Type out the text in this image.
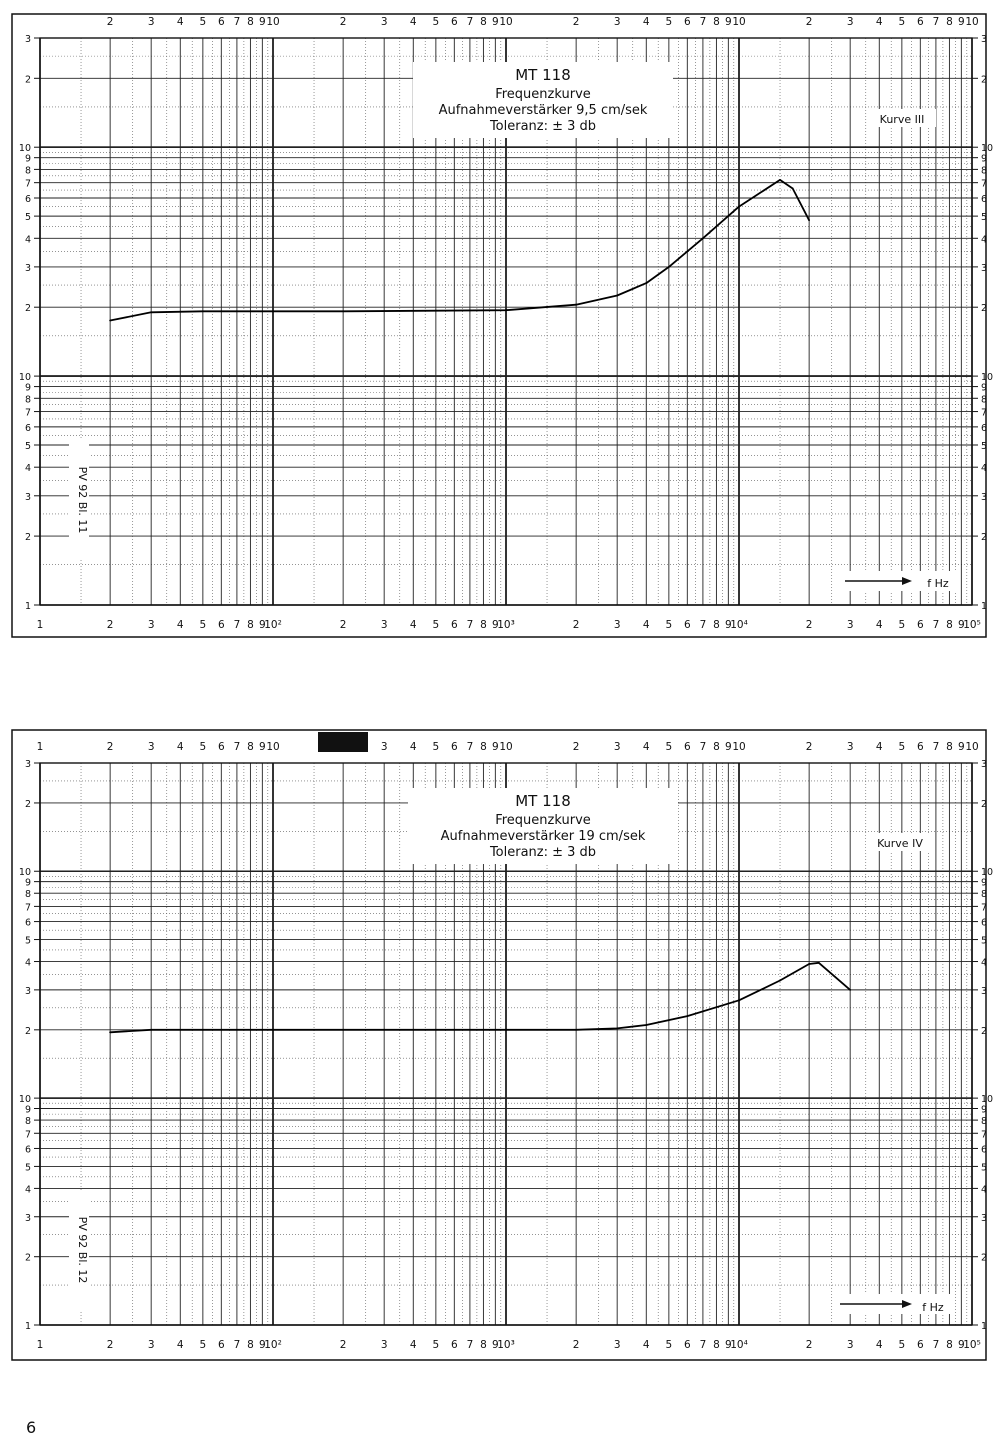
2	3 4 5 6 7 8 9 10	2	3 4 5 6 7 8 9 10	2	3 4 5 6 7 8 9 10	2	3 4 5 6 7 8 9 10
1	2	3 4 5 6 7 8 9
10²	2	3 4 5 6 7 8 9
10³	2	3 4 5 6 7 8 9
10⁴	2	3 4 5 6 7 8 9
10⁵
1	1
2	2
3	3
4	4
5	5
6	6
7	7
8	8
9	9
10	10
2	2
3	3
4	4
5	5
6	6
7	7
8	8
9	9
10	10
2	2
3	3
MT 118
Frequenzkurve
Aufnahmeverstärker 9,5 cm/sek
Toleranz: ± 3 db	Kurve III
PV 92 Bl. 11
f Hz
1	2	3 4 5 6 7 8 9 10	3 4 5 6 7 8 9 10	2	3 4 5 6 7 8 9 10	2	3 4 5 6 7 8 9 10
1	2	3 4 5 6 7 8 9
10²	2	3 4 5 6 7 8 9
10³	2	3 4 5 6 7 8 9
10⁴	2	3 4 5 6 7 8 9
10⁵
1	1
2	2
3	3
4	4
5	5
6	6
7	7
8	8
9	9
10	10
2	2
3	3
4	4
5	5
6	6
7	7
8	8
9	9
10	10
2	2
3	3
MT 118
Frequenzkurve
Aufnahmeverstärker 19 cm/sek
Toleranz: ± 3 db
Kurve IV
PV 92 Bl. 12
f Hz
6
